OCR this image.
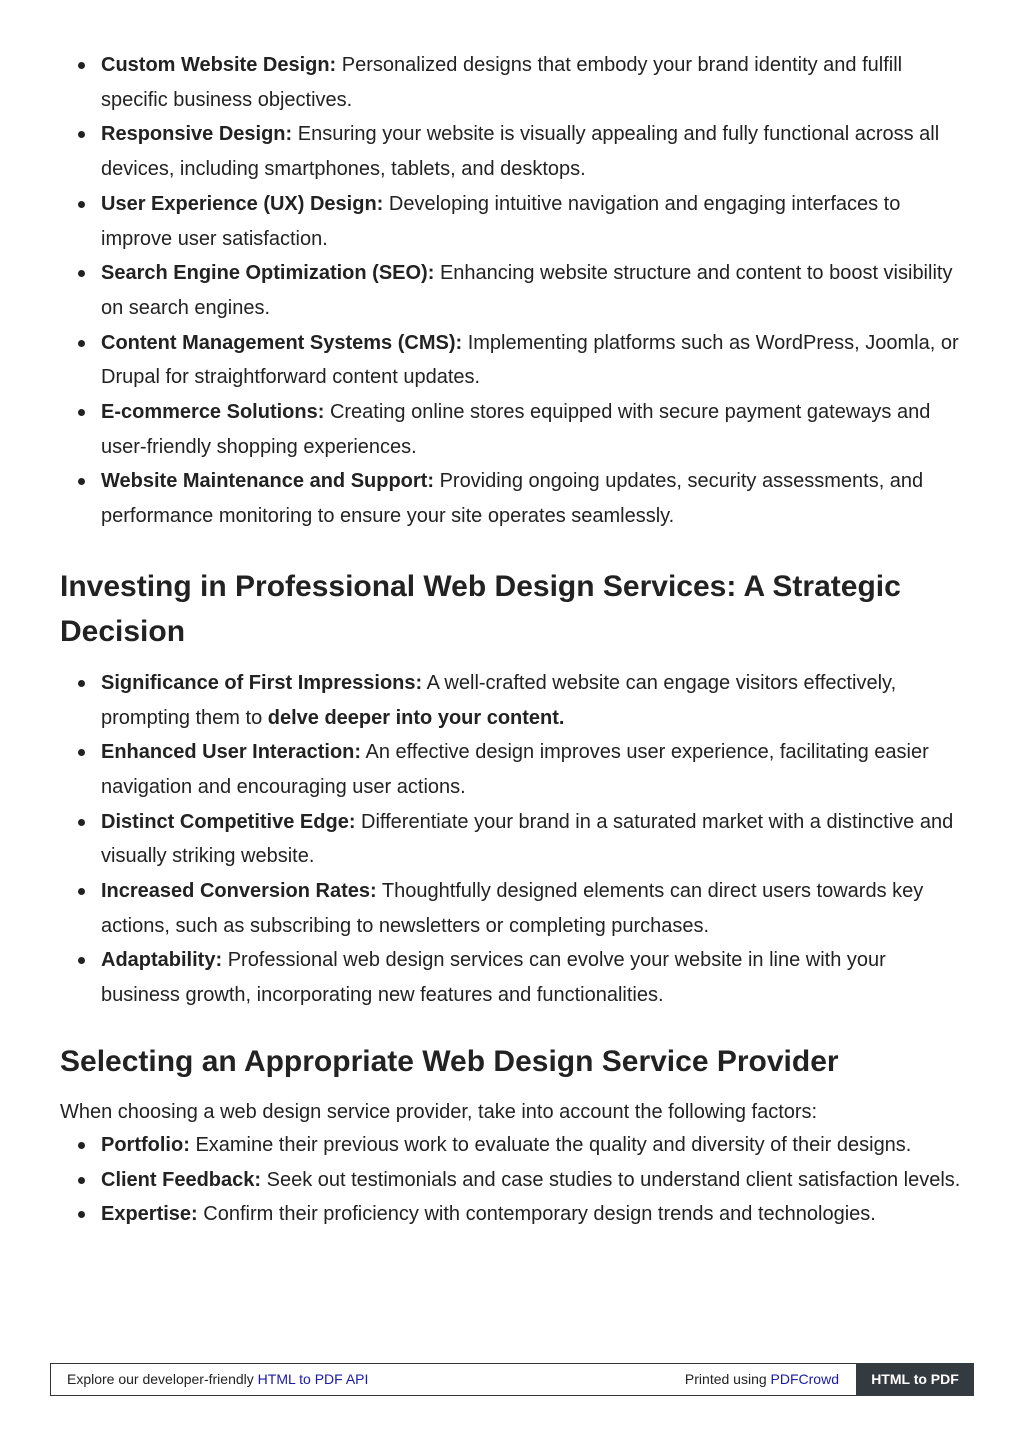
Custom Website Design: Personalized designs that embody your brand identity and fulfill specific business objectives.
Responsive Design: Ensuring your website is visually appealing and fully functional across all devices, including smartphones, tablets, and desktops.
User Experience (UX) Design: Developing intuitive navigation and engaging interfaces to improve user satisfaction.
Search Engine Optimization (SEO): Enhancing website structure and content to boost visibility on search engines.
Content Management Systems (CMS): Implementing platforms such as WordPress, Joomla, or Drupal for straightforward content updates.
E-commerce Solutions: Creating online stores equipped with secure payment gateways and user-friendly shopping experiences.
Website Maintenance and Support: Providing ongoing updates, security assessments, and performance monitoring to ensure your site operates seamlessly.
Investing in Professional Web Design Services: A Strategic Decision
Significance of First Impressions: A well-crafted website can engage visitors effectively, prompting them to delve deeper into your content.
Enhanced User Interaction: An effective design improves user experience, facilitating easier navigation and encouraging user actions.
Distinct Competitive Edge: Differentiate your brand in a saturated market with a distinctive and visually striking website.
Increased Conversion Rates: Thoughtfully designed elements can direct users towards key actions, such as subscribing to newsletters or completing purchases.
Adaptability: Professional web design services can evolve your website in line with your business growth, incorporating new features and functionalities.
Selecting an Appropriate Web Design Service Provider

When choosing a web design service provider, take into account the following factors:

Portfolio: Examine their previous work to evaluate the quality and diversity of their designs.
Client Feedback: Seek out testimonials and case studies to understand client satisfaction levels.
Expertise: Confirm their proficiency with contemporary design trends and technologies.
Explore our developer-friendly HTML to PDF API	Printed using PDFCrowd	HTML to PDF
